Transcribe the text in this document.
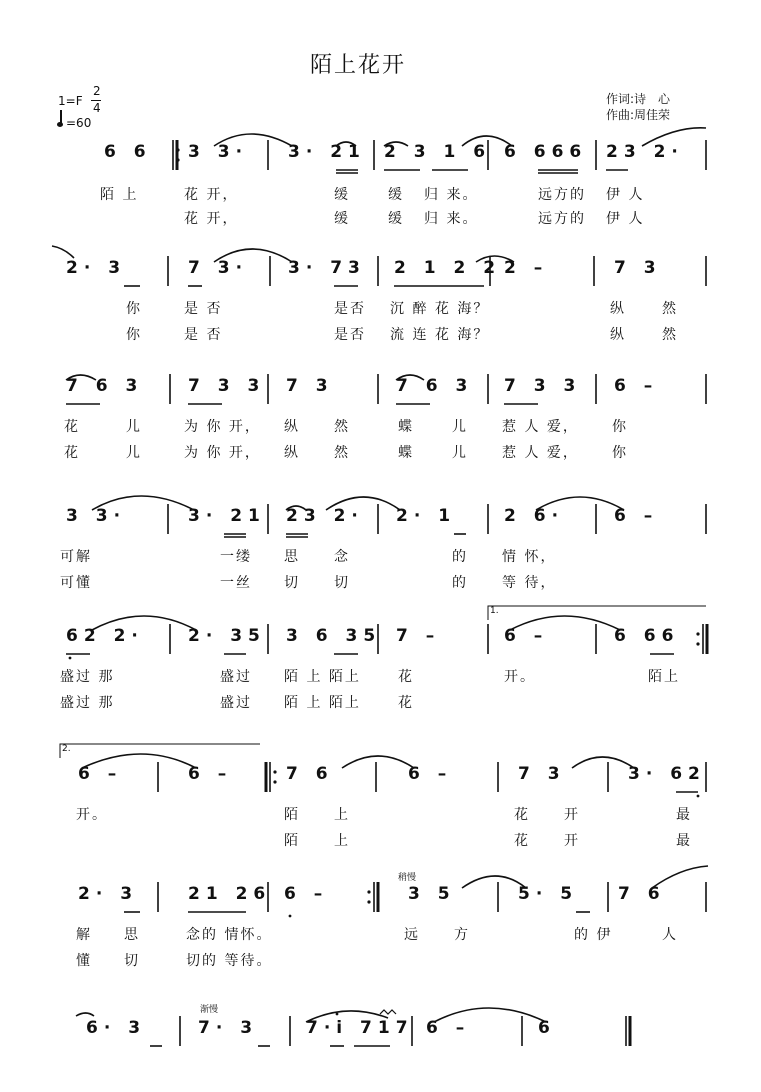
陌上花开
1=F
2
4
=60
作词:诗　心
作曲:周佳荣
6 6 3 3· 3· 21 2 3 1 6 6 666 23 2·
陌 上	花 开，	缓	缓 归 来。	远方的 伊 人
花 开，	缓	缓 归 来。	远方的 伊 人
2· 3	7 3· 3· 73 2 1 2 2 2 –	7 3
你	是 否	是否 沉 醉 花 海？	纵	然
你	是 否	是否 流 连 花 海？	纵	然
7 6 3	7 3 3 7 3	7 6 3 7 3 3 6 –
花	儿	为 你 开， 纵 然	蝶	儿 惹 人 爱， 你
花	儿	为 你 开， 纵 然	蝶	儿 惹 人 爱， 你
3 3·	3· 21 23 2· 2· 1	2 6·	6 –
可解	一缕 思 念	的 情 怀，
可懂	一丝 切 切	的 等 待，
1.
62 2·	2· 35 3 6 35 7 –	6 –	6 66
盛过 那	盛过 陌 上 陌上	花	开。	陌上
盛过 那	盛过 陌 上 陌上	花
2.
6 –	6 –	7 6	6 –	7 3	3· 62
开。	陌 上	花 开	最
陌 上	花 开	最
稍慢
2· 3	21 26 6 –	3 5	5· 5 7 6
解 思	念的 情怀。	远 方	的 伊	人
懂 切	切的 等待。
渐慢
6· 3	7· 3	7·i 717 6 –	6
